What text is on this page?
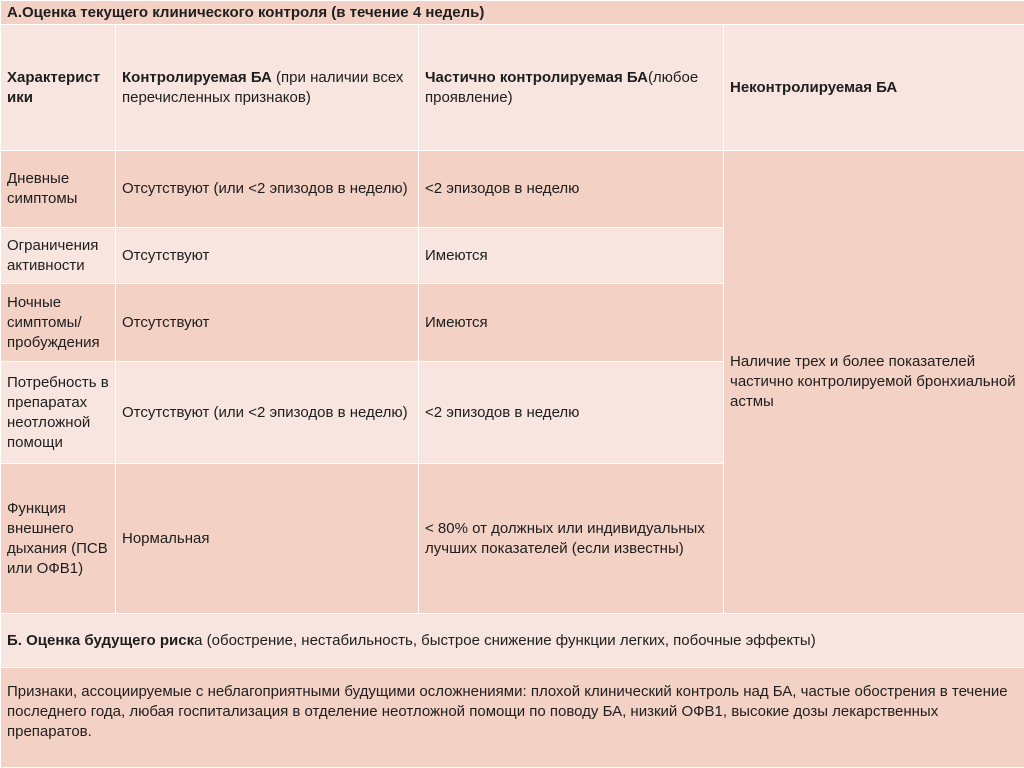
А.Оценка текущего клинического контроля (в течение 4 недель)			
Характеристики	Контролируемая БА (при наличии всех перечисленных признаков)	Частично контролируемая БА(любое проявление)	Неконтролируемая БА
Дневные симптомы	Отсутствуют (или <2 эпизодов в неделю)	<2 эпизодов в неделю	Наличие трех и более показателей частично контролируемой бронхиальной астмы
Ограничения активности	Отсутствуют	Имеются	
Ночные симптомы/ пробуждения	Отсутствуют	Имеются	
Потребность в препаратах неотложной помощи	Отсутствуют (или <2 эпизодов в неделю)	<2 эпизодов в неделю	
Функция внешнего дыхания (ПСВ или ОФВ1)	Нормальная	< 80% от должных или индивидуальных лучших показателей (если известны)	
Б. Оценка будущего риска (обострение, нестабильность, быстрое снижение функции легких, побочные эффекты)			
Признаки, ассоциируемые с неблагоприятными будущими осложнениями: плохой клинический контроль над БА, частые обострения в течение последнего года, любая госпитализация в отделение неотложной помощи по поводу БА, низкий ОФВ1, высокие дозы лекарственных препаратов.			
